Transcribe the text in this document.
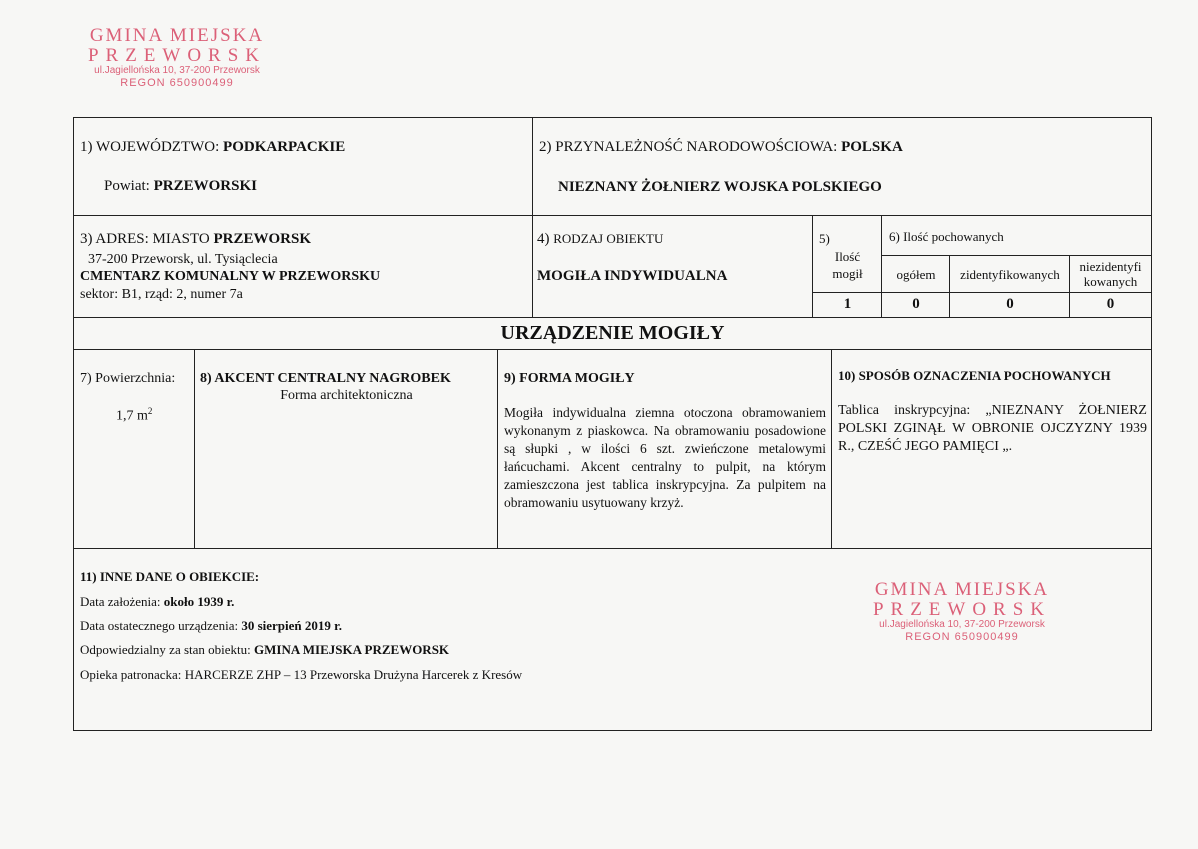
GMINA MIEJSKA
PRZEWORSK
ul.Jagiellońska 10, 37-200 Przeworsk
REGON 650900499
1) WOJEWÓDZTWO: PODKARPACKIE
Powiat: PRZEWORSKI
2) PRZYNALEŻNOŚĆ NARODOWOŚCIOWA: POLSKA
NIEZNANY ŻOŁNIERZ WOJSKA POLSKIEGO
3) ADRES: MIASTO PRZEWORSK
37-200 Przeworsk, ul. Tysiąclecia
CMENTARZ KOMUNALNY W PRZEWORSKU
sektor: B1, rząd: 2, numer 7a
4) RODZAJ OBIEKTU
MOGIŁA INDYWIDUALNA
5)
Ilość
mogił
1
6) Ilość pochowanych
ogółem	zidentyfikowanych
niezidentyfi
kowanych
0	0	0
URZĄDZENIE MOGIŁY
7) Powierzchnia:
1,7 $m^2$
8) AKCENT CENTRALNY NAGROBEK
Forma architektoniczna
9) FORMA MOGIŁY
Mogiła indywidualna ziemna otoczona obramowaniem wykonanym z piaskowca. Na obramowaniu posadowione są słupki , w ilości 6 szt. zwieńczone metalowymi łańcuchami. Akcent centralny to pulpit, na którym zamieszczona jest tablica inskrypcyjna. Za pulpitem na obramowaniu usytuowany krzyż.
10) SPOSÓB OZNACZENIA POCHOWANYCH
Tablica inskrypcyjna: „NIEZNANY ŻOŁNIERZ POLSKI ZGINĄŁ W OBRONIE OJCZYZNY 1939 R., CZEŚĆ JEGO PAMIĘCI „.
11) INNE DANE O OBIEKCIE:
Data założenia: około 1939 r.
Data ostatecznego urządzenia: 30 sierpień 2019 r.
Odpowiedzialny za stan obiektu: GMINA MIEJSKA PRZEWORSK
Opieka patronacka: HARCERZE ZHP – 13 Przeworska Drużyna Harcerek z Kresów
GMINA MIEJSKA
PRZEWORSK
ul.Jagiellońska 10, 37-200 Przeworsk
REGON 650900499
